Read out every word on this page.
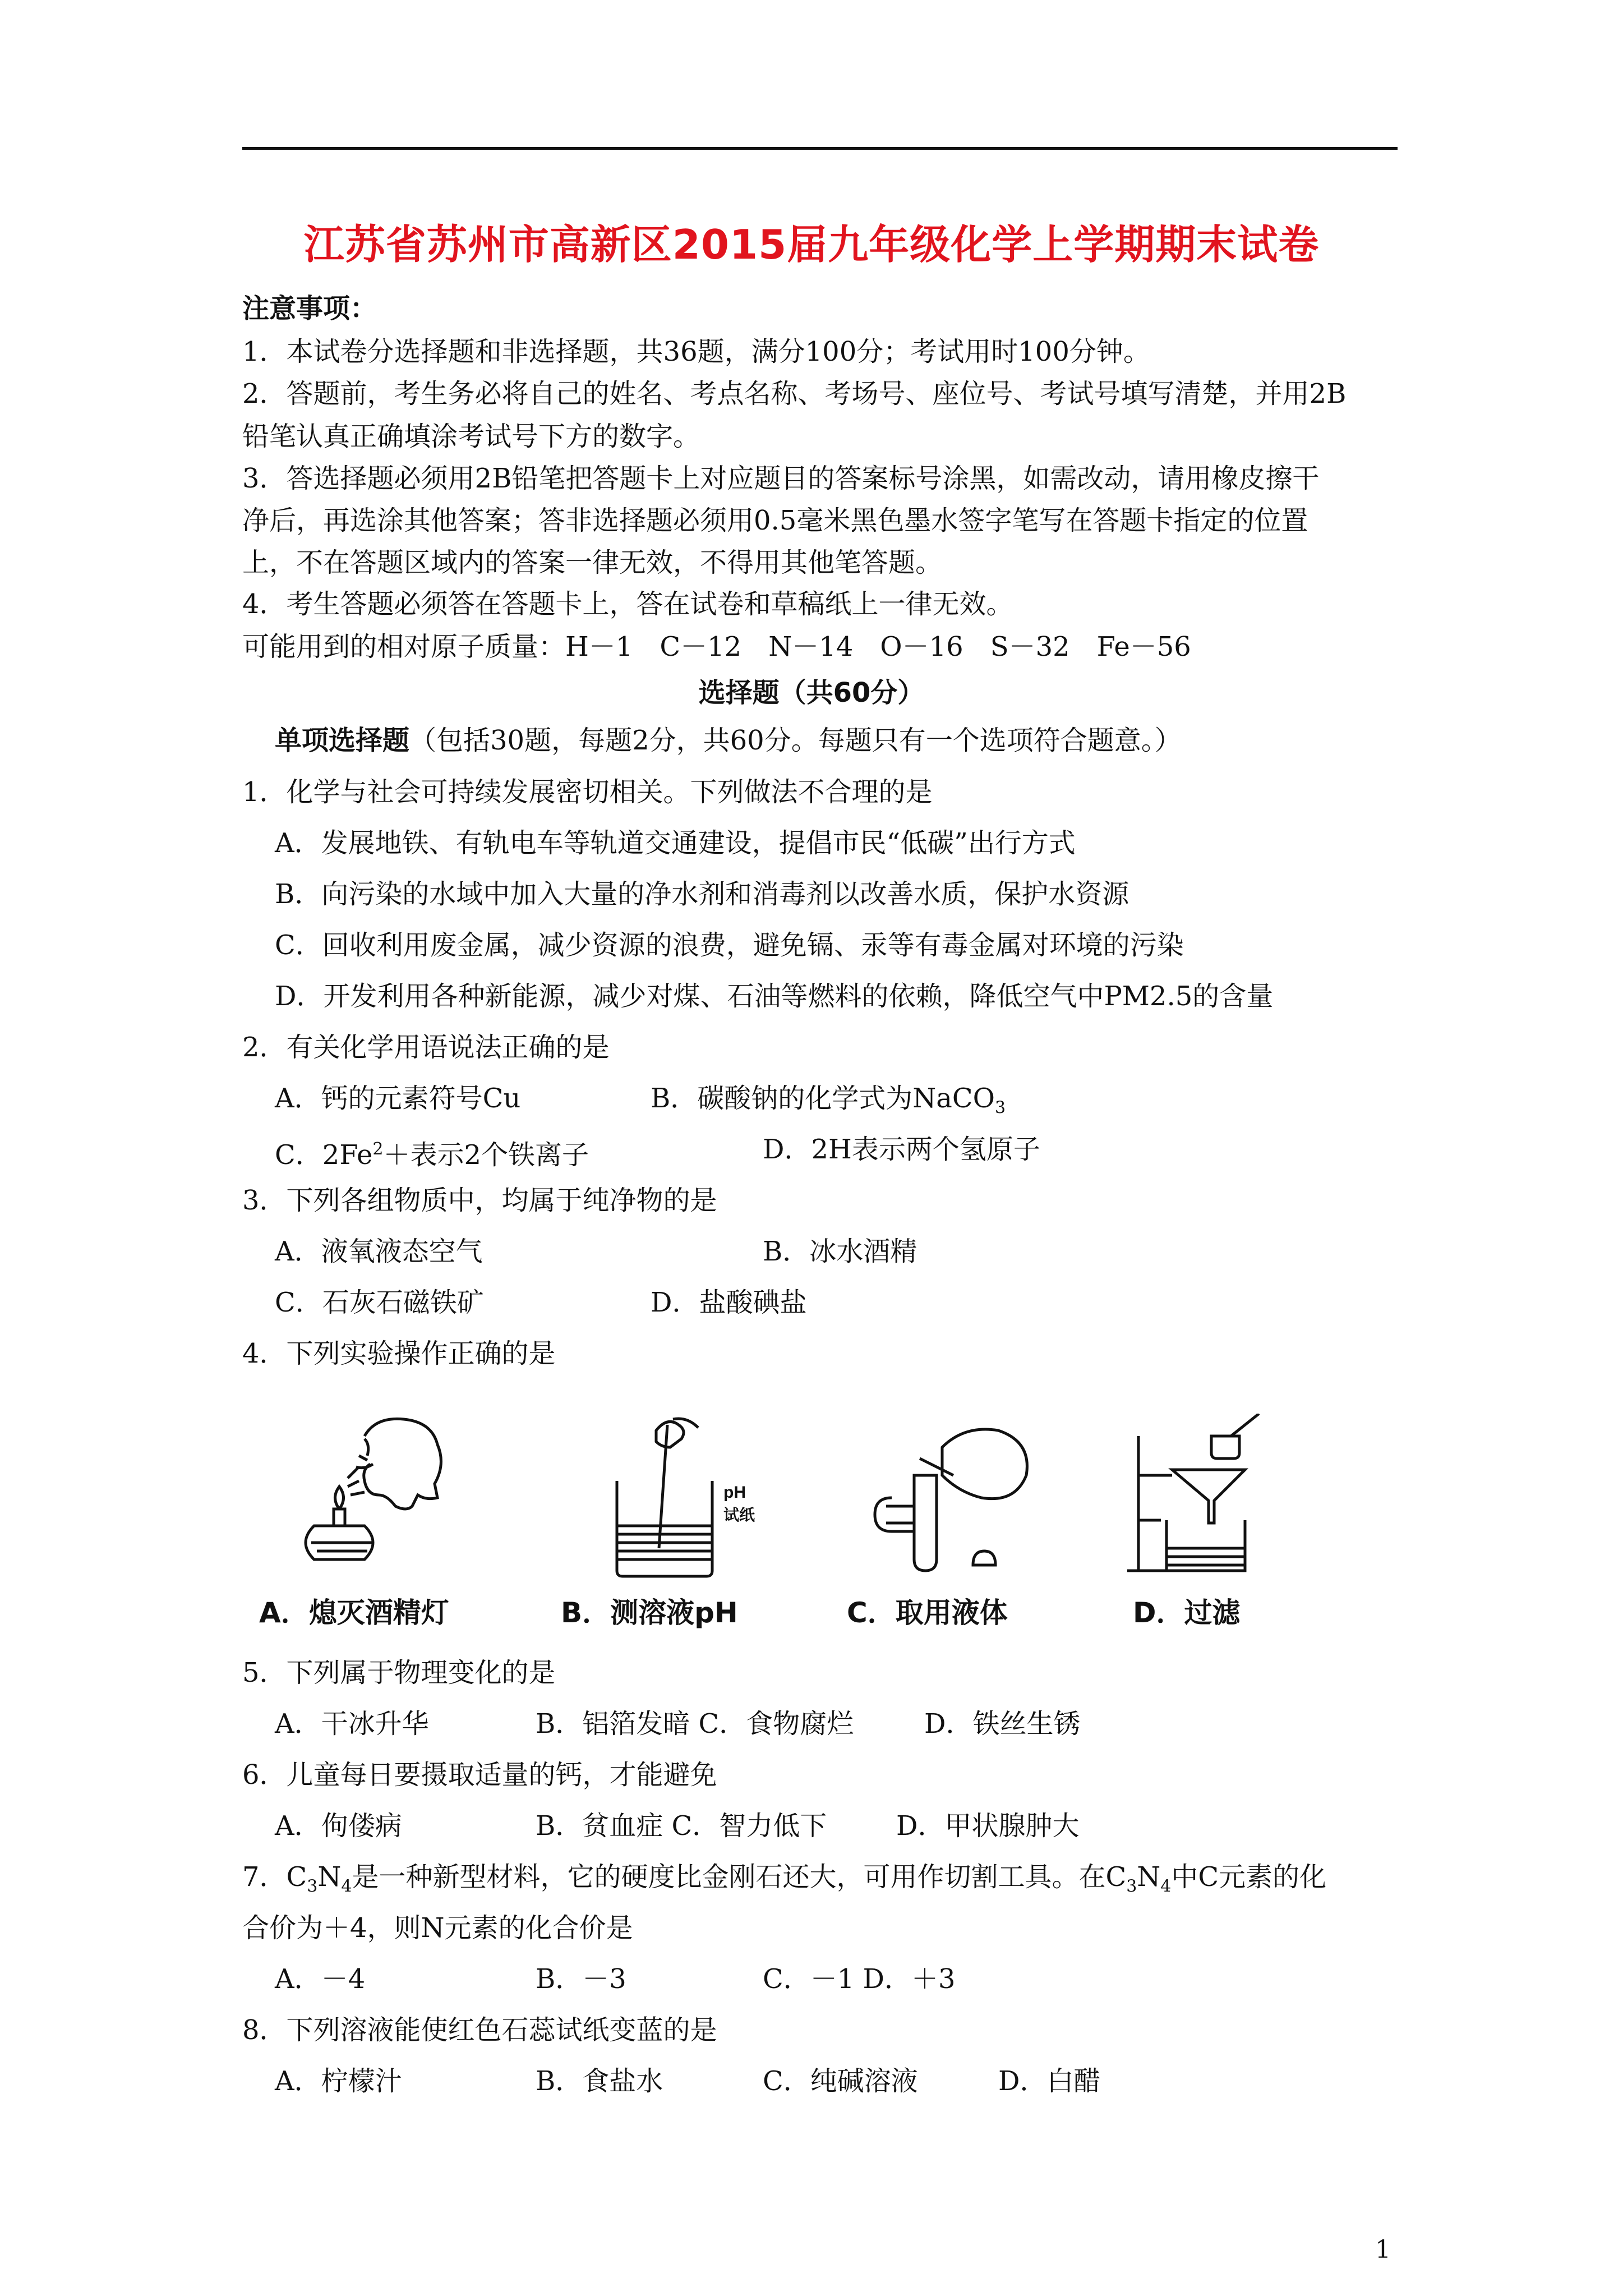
江苏省苏州市高新区2015届九年级化学上学期期末试卷
注意事项：
1．本试卷分选择题和非选择题，共36题，满分100分；考试用时100分钟。
2．答题前，考生务必将自己的姓名、考点名称、考场号、座位号、考试号填写清楚，并用2B
铅笔认真正确填涂考试号下方的数字。
3．答选择题必须用2B铅笔把答题卡上对应题目的答案标号涂黑，如需改动，请用橡皮擦干
净后，再选涂其他答案；答非选择题必须用0.5毫米黑色墨水签字笔写在答题卡指定的位置
上，不在答题区域内的答案一律无效，不得用其他笔答题。
4．考生答题必须答在答题卡上，答在试卷和草稿纸上一律无效。
可能用到的相对原子质量：H－1　C－12　N－14　O－16　S－32　Fe－56
选择题（共60分）
单项选择题（包括30题，每题2分，共60分。每题只有一个选项符合题意。）
1．化学与社会可持续发展密切相关。下列做法不合理的是
A．发展地铁、有轨电车等轨道交通建设，提倡市民“低碳”出行方式
B．向污染的水域中加入大量的净水剂和消毒剂以改善水质，保护水资源
C．回收利用废金属，减少资源的浪费，避免镉、汞等有毒金属对环境的污染
D．开发利用各种新能源，减少对煤、石油等燃料的依赖，降低空气中PM2.5的含量
2．有关化学用语说法正确的是
A．钙的元素符号Cu	B．碳酸钠的化学式为NaCO$_3$
C．$2Fe^2+$表示2个铁离子	D．2H表示两个氢原子
3．下列各组物质中，均属于纯净物的是
A．液氧液态空气	B．冰水酒精
C．石灰石磁铁矿	D．盐酸碘盐
4．下列实验操作正确的是
pH
试纸
A．熄灭酒精灯	B．测溶液pH	C．取用液体	D．过滤
5．下列属于物理变化的是
A．干冰升华	B．铝箔发暗 C．食物腐烂	D．铁丝生锈
6．儿童每日要摄取适量的钙，才能避免
A．佝偻病	B．贫血症 C．智力低下	D．甲状腺肿大
7．$C_3N_4$是一种新型材料，它的硬度比金刚石还大，可用作切割工具。在$C_3N_4$中C元素的化
合价为＋4，则N元素的化合价是
A．－4	B．－3	C．－1 D．＋3
8．下列溶液能使红色石蕊试纸变蓝的是
A．柠檬汁	B．食盐水	C．纯碱溶液	D．白醋
1
